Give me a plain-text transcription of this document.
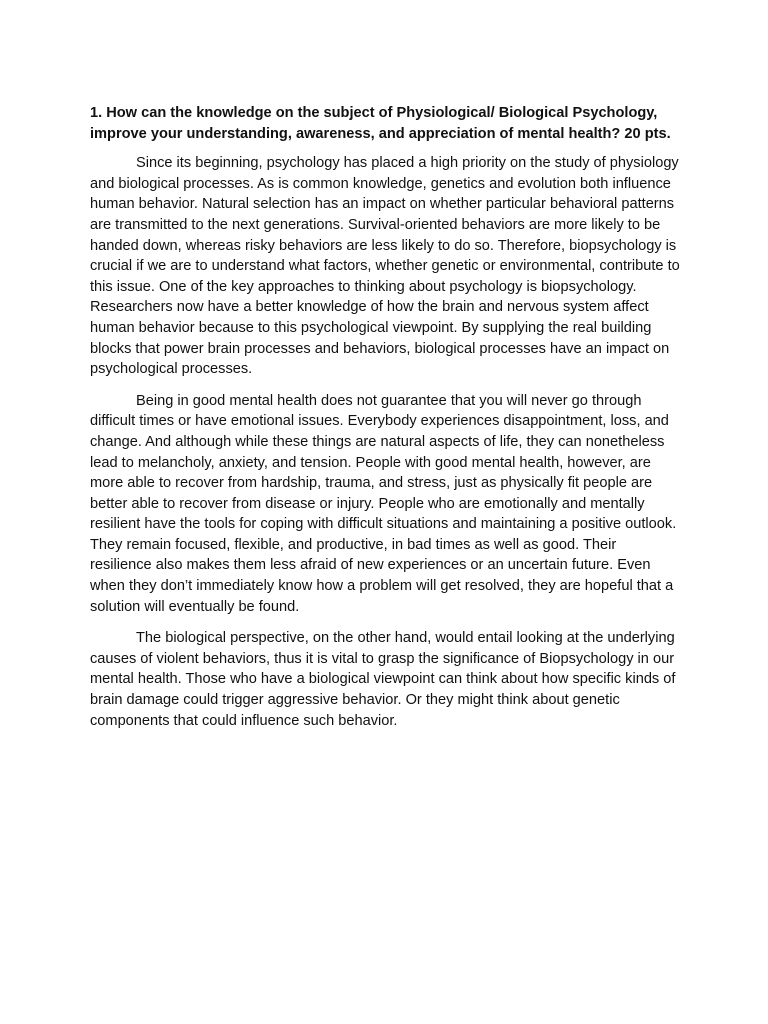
1. How can the knowledge on the subject of Physiological/ Biological Psychology, improve your understanding, awareness, and appreciation of mental health? 20 pts.

Since its beginning, psychology has placed a high priority on the study of physiology and biological processes. As is common knowledge, genetics and evolution both influence human behavior. Natural selection has an impact on whether particular behavioral patterns are transmitted to the next generations. Survival-oriented behaviors are more likely to be handed down, whereas risky behaviors are less likely to do so. Therefore, biopsychology is crucial if we are to understand what factors, whether genetic or environmental, contribute to this issue. One of the key approaches to thinking about psychology is biopsychology. Researchers now have a better knowledge of how the brain and nervous system affect human behavior because to this psychological viewpoint. By supplying the real building blocks that power brain processes and behaviors, biological processes have an impact on psychological processes.

Being in good mental health does not guarantee that you will never go through difficult times or have emotional issues. Everybody experiences disappointment, loss, and change. And although while these things are natural aspects of life, they can nonetheless lead to melancholy, anxiety, and tension. People with good mental health, however, are more able to recover from hardship, trauma, and stress, just as physically fit people are better able to recover from disease or injury. People who are emotionally and mentally resilient have the tools for coping with difficult situations and maintaining a positive outlook. They remain focused, flexible, and productive, in bad times as well as good. Their resilience also makes them less afraid of new experiences or an uncertain future. Even when they don’t immediately know how a problem will get resolved, they are hopeful that a solution will eventually be found.

The biological perspective, on the other hand, would entail looking at the underlying causes of violent behaviors, thus it is vital to grasp the significance of Biopsychology in our mental health. Those who have a biological viewpoint can think about how specific kinds of brain damage could trigger aggressive behavior. Or they might think about genetic components that could influence such behavior.
